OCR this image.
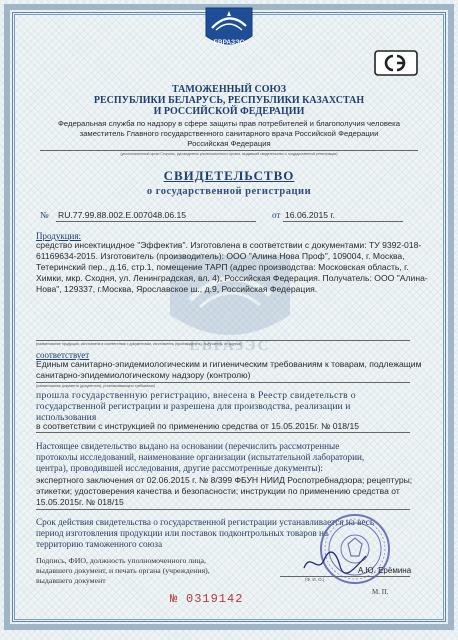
ЕВРАЗЭС
ТАМОЖЕННЫЙ СОЮЗ
РЕСПУБЛИКИ БЕЛАРУСЬ, РЕСПУБЛИКИ КАЗАХСТАН
И РОССИЙСКОЙ ФЕДЕРАЦИИ
Федеральная служба по надзору в сфере защиты прав потребителей и благополучия человека
заместитель Главного государственного санитарного врача Российской Федерации
Российская Федерация
(уполномоченный орган Стороны, руководитель уполномоченного органа, выдавший свидетельство о государственной регистрации)
СВИДЕТЕЛЬСТВО
о государственной регистрации
№ RU.77.99.88.002.Е.007048.06.15	от 16.06.2015 г.
ЕВРАЗЭС
Продукция:
средство инсектицидное "Эффектив". Изготовлена в соответствии с документами: ТУ 9392-018-
61169634-2015. Изготовитель (производитель): ООО "Алина Нова Проф", 109004, г. Москва,
Тетеринский пер., д.16, стр.1, помещение ТАРП (адрес производства: Московская область, г.
Химки, мкр. Сходня, ул. Ленинградская, вл. 4), Российская Федерация. Получатель: ООО "Алина-
Нова", 129337, г.Москва, Ярославское ш., д.9, Российская Федерация.
(наименование продукции, изготовлена в соответствии с документами, изготовитель (производитель), получатель, их адреса)
соответствует
Единым санитарно-эпидемиологическим и гигиеническим требованиям к товарам, подлежащим
санитарно-эпидемиологическому надзору (контролю)
(наименование документа (документов), устанавливающего требования)
прошла государственную регистрацию, внесена в Реестр свидетельств о
государственной регистрации и разрешена для производства, реализации и
использования
в соответствии с инструкцией по применению средства от 15.05.2015г. № 018/15
Настоящее свидетельство выдано на основании (перечислить рассмотренные
протоколы исследований, наименование организации (испытательной лаборатории,
центра), проводившей исследования, другие рассмотренные документы):
экспертного заключения от 02.06.2015 г. № 8/399 ФБУН НИИД Роспотребнадзора; рецептуры;
этикетки; удостоверения качества и безопасности; инструкции по применению средства от
15.05.2015г. № 018/15
Срок действия свидетельства о государственной регистрации устанавливается на весь
период изготовления продукции или поставок подконтрольных товаров на
территорию таможенного союза
Подпись, ФИО, должность уполномоченного лица,
выдавшего документ, и печать органа (учреждения),
выдавшего документ
А.Ю. Ерёмина
(Ф. И. О.)
М. П.
№ 0319142
